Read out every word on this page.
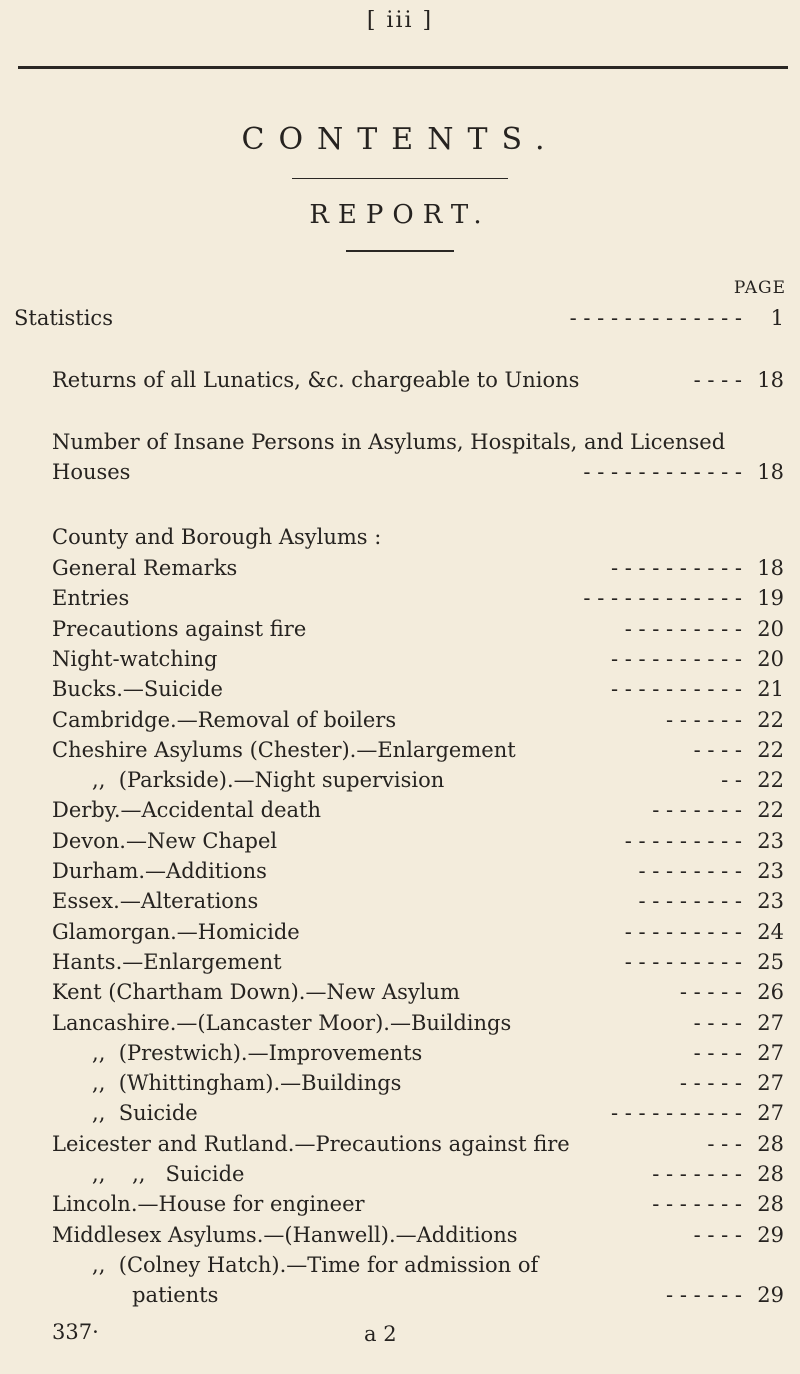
[ iii ]
CONTENTS.
REPORT.
PAGE
Statistics	- - - - - - - - - - - - -	1
Returns of all Lunatics, &c. chargeable to Unions	- - - - 18
Number of Insane Persons in Asylums, Hospitals, and Licensed
Houses	- - - - - - - - - - - - 18
County and Borough Asylums :
General Remarks	- - - - - - - - - - 18
Entries	- - - - - - - - - - - - 19
Precautions against fire	- - - - - - - - - 20
Night-watching	- - - - - - - - - - 20
Bucks.—Suicide	- - - - - - - - - - 21
Cambridge.—Removal of boilers	- - - - - - 22
Cheshire Asylums (Chester).—Enlargement	- - - - 22
,,  (Parkside).—Night supervision	- - 22
Derby.—Accidental death	- - - - - - - 22
Devon.—New Chapel	- - - - - - - - - 23
Durham.—Additions	- - - - - - - - 23
Essex.—Alterations	- - - - - - - - 23
Glamorgan.—Homicide	- - - - - - - - - 24
Hants.—Enlargement	- - - - - - - - - 25
Kent (Chartham Down).—New Asylum	- - - - - 26
Lancashire.—(Lancaster Moor).—Buildings	- - - - 27
,,  (Prestwich).—Improvements	- - - - 27
,,  (Whittingham).—Buildings	- - - - - 27
,,  Suicide	- - - - - - - - - - 27
Leicester and Rutland.—Precautions against fire	- - - 28
,,    ,,   Suicide	- - - - - - - 28
Lincoln.—House for engineer	- - - - - - - 28
Middlesex Asylums.—(Hanwell).—Additions	- - - - 29
,,  (Colney Hatch).—Time for admission of
patients	- - - - - - 29
337·	a 2
